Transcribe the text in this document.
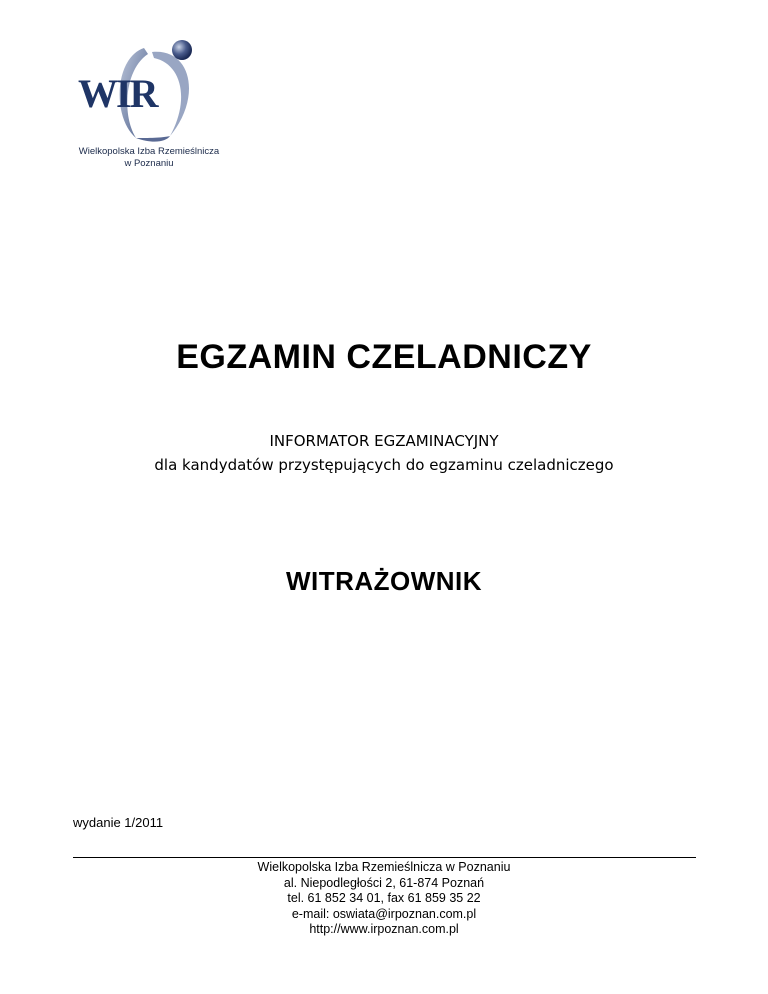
WIR
Wielkopolska Izba Rzemieślnicza
w Poznaniu
EGZAMIN CZELADNICZY
INFORMATOR EGZAMINACYJNY
dla kandydatów przystępujących do egzaminu czeladniczego
WITRAŻOWNIK
wydanie 1/2011
Wielkopolska Izba Rzemieślnicza w Poznaniu
al. Niepodległości 2, 61-874 Poznań
tel. 61 852 34 01, fax 61 859 35 22
e-mail: oswiata@irpoznan.com.pl
http://www.irpoznan.com.pl
